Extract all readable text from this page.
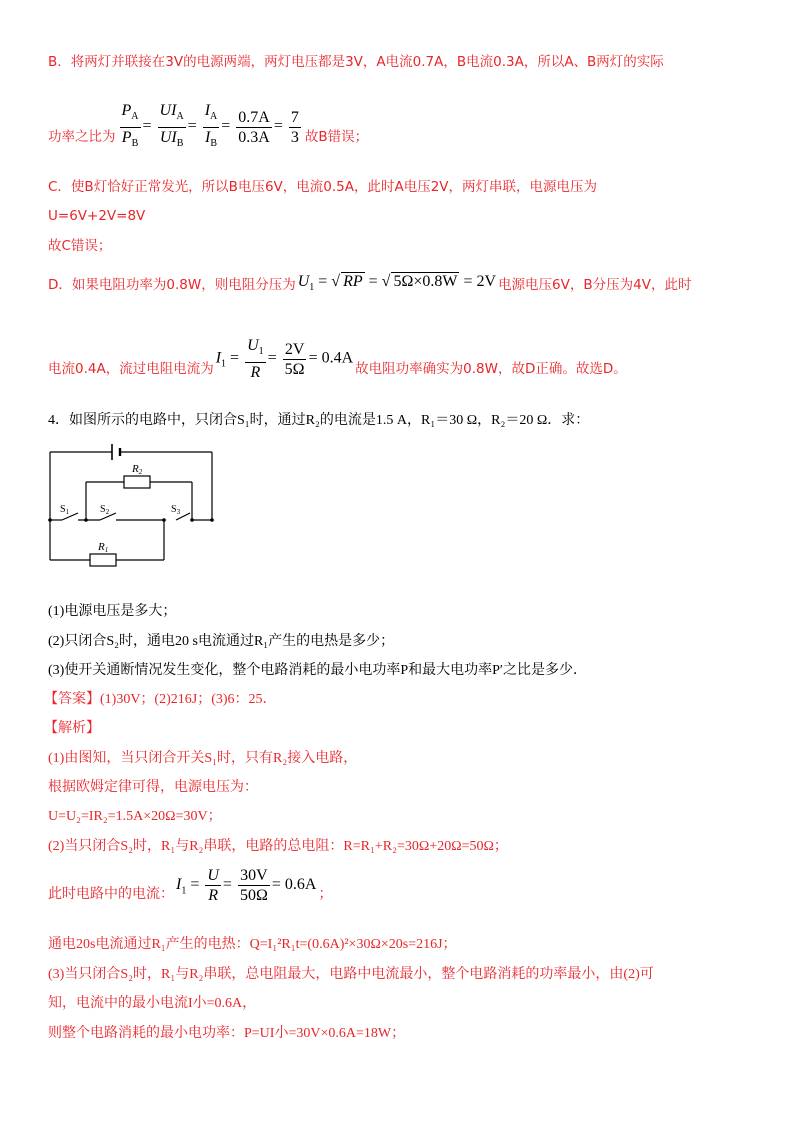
B．将两灯并联接在3V的电源两端，两灯电压都是3V，A电流0.7A，B电流0.3A，所以A、B两灯的实际
功率之比为 $\frac{P_A}{P_B} = \frac{UI_A}{UI_B} = \frac{I_A}{I_B} = \frac{0.7A}{0.3A} = \frac{7}{3}$ 故B错误；
C．使B灯恰好正常发光，所以B电压6V，电流0.5A，此时A电压2V，两灯串联，电源电压为
U=6V+2V=8V
故C错误；
D．如果电阻功率为0.8W，则电阻分压为 $U_1$ = √ RP = √ 5Ω×0.8W = 2V 电源电压6V，B分压为4V，此时
电流0.4A，流过电阻电流为
$I_1 = \frac{U_1}{R} = \frac{2V}{5\Omega} = 0.4A$
故电阻功率确实为0.8W，故D正确。故选D。
4．如图所示的电路中，只闭合S₁时，通过R₂的电流是1.5 A，R₁＝30 Ω，R₂＝20 Ω．求：
R2
R1
$S_1$	$S_2$	$S_3$
(1)电源电压是多大；
(2)只闭合S₂时，通电20 s电流通过R₁产生的电热是多少；
(3)使开关通断情况发生变化，整个电路消耗的最小电功率P和最大电功率P′之比是多少．
【答案】(1)30V；(2)216J；(3)6：25．
【解析】
(1)由图知，当只闭合开关S₁时，只有R₂接入电路，
根据欧姆定律可得，电源电压为：
U=U₂=IR₂=1.5A×20Ω=30V；
(2)当只闭合S₂时，R₁与R₂串联，电路的总电阻：R=R₁+R₂=30Ω+20Ω=50Ω；
此时电路中的电流：
$I_1 = \frac{U}{R} = \frac{30V}{50\Omega} = 0.6A$
；
通电20s电流通过R₁产生的电热：Q=I₁²R₁t=(0.6A)²×30Ω×20s=216J；
(3)当只闭合S₂时，R₁与R₂串联，总电阻最大，电路中电流最小，整个电路消耗的功率最小，由(2)可
知，电流中的最小电流I小=0.6A，
则整个电路消耗的最小电功率：P=UI小=30V×0.6A=18W；
